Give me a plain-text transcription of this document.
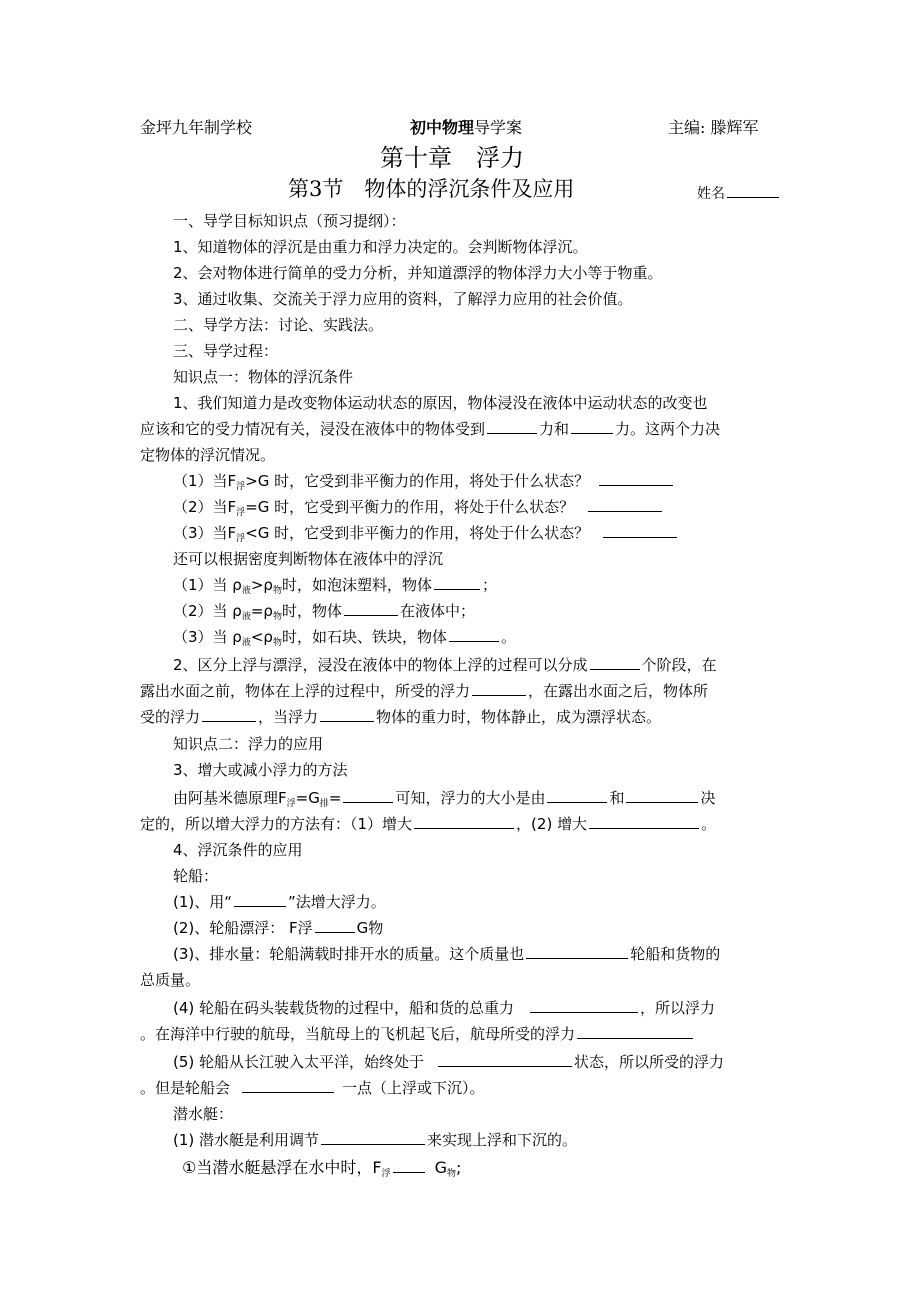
金坪九年制学校	初中物理导学案	主编: 滕辉军
第十章　浮力
第3节　物体的浮沉条件及应用	姓名
一、导学目标知识点（预习提纲）：
1、知道物体的浮沉是由重力和浮力决定的。会判断物体浮沉。
2、会对物体进行简单的受力分析，并知道漂浮的物体浮力大小等于物重。
3、通过收集、交流关于浮力应用的资料，了解浮力应用的社会价值。
二、导学方法：讨论、实践法。
三、导学过程：
知识点一：物体的浮沉条件
1、我们知道力是改变物体运动状态的原因，物体浸没在液体中运动状态的改变也
应该和它的受力情况有关，浸没在液体中的物体受到	力和	力。这两个力决
定物体的浮沉情况。
（1）当$F_浮>G$ 时，它受到非平衡力的作用，将处于什么状态？
（2）当$F_浮=G$ 时，它受到平衡力的作用，将处于什么状态？
（3）当$F_浮<G$ 时，它受到非平衡力的作用，将处于什么状态？
还可以根据密度判断物体在液体中的浮沉
（1）当 $\rho_液>\rho_物$时，如泡沫塑料，物体	；
（2）当 $\rho_液=\rho_物$时，物体	在液体中；
（3）当 $\rho_液<\rho_物$时，如石块、铁块，物体	。
2、区分上浮与漂浮，浸没在液体中的物体上浮的过程可以分成	个阶段，在
露出水面之前，物体在上浮的过程中，所受的浮力	，在露出水面之后，物体所
受的浮力	，当浮力	物体的重力时，物体静止，成为漂浮状态。
知识点二：浮力的应用
3、增大或减小浮力的方法
由阿基米德原理$F_浮=G_排=$	可知，浮力的大小是由	和	决
定的，所以增大浮力的方法有：（1）增大	，(2) 增大	。
4、浮沉条件的应用
轮船：
(1)、用“	”法增大浮力。
(2)、轮船漂浮： F浮	G物
(3)、排水量：轮船满载时排开水的质量。这个质量也	轮船和货物的
总质量。
(4) 轮船在码头装载货物的过程中，船和货的总重力	，所以浮力
。在海洋中行驶的航母，当航母上的飞机起飞后，航母所受的浮力
(5) 轮船从长江驶入太平洋，始终处于	状态，所以所受的浮力
。但是轮船会	一点（上浮或下沉）。
潜水艇：
(1) 潜水艇是利用调节	来实现上浮和下沉的。
①当潜水艇悬浮在水中时，$F_浮$	$G_物$;
